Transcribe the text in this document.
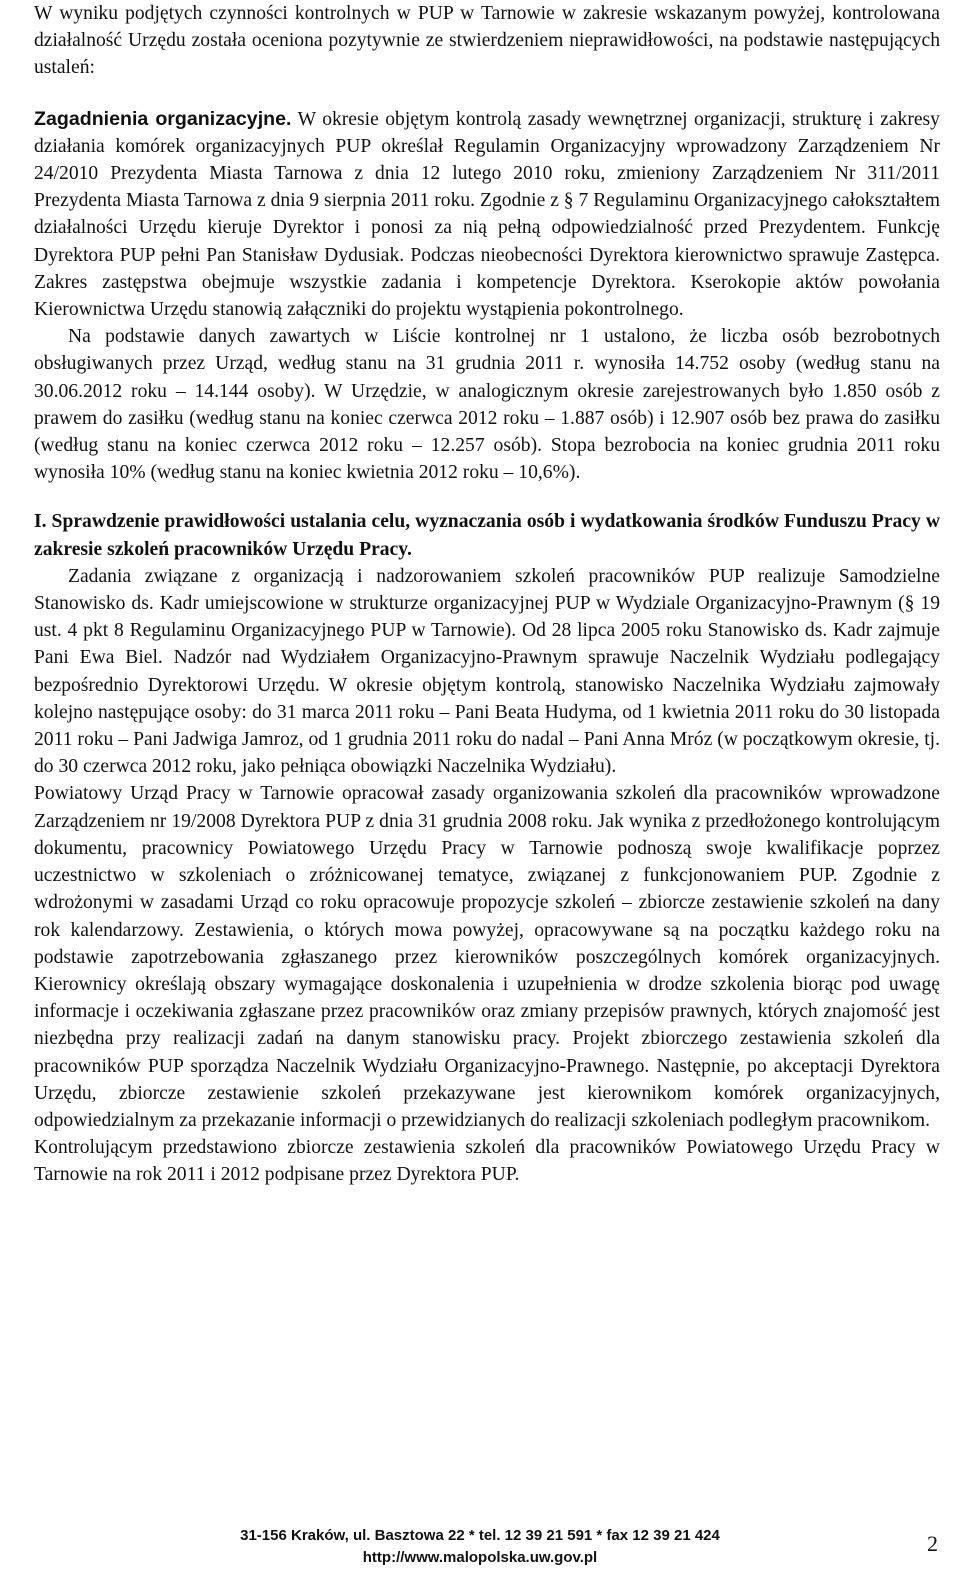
W wyniku podjętych czynności kontrolnych w PUP w Tarnowie w zakresie wskazanym powyżej, kontrolowana działalność Urzędu została oceniona pozytywnie ze stwierdzeniem nieprawidłowości, na podstawie następujących ustaleń:

Zagadnienia organizacyjne. W okresie objętym kontrolą zasady wewnętrznej organizacji, strukturę i zakresy działania komórek organizacyjnych PUP określał Regulamin Organizacyjny wprowadzony Zarządzeniem Nr 24/2010 Prezydenta Miasta Tarnowa z dnia 12 lutego 2010 roku, zmieniony Zarządzeniem Nr 311/2011 Prezydenta Miasta Tarnowa z dnia 9 sierpnia 2011 roku. Zgodnie z § 7 Regulaminu Organizacyjnego całokształtem działalności Urzędu kieruje Dyrektor i ponosi za nią pełną odpowiedzialność przed Prezydentem. Funkcję Dyrektora PUP pełni Pan Stanisław Dydusiak. Podczas nieobecności Dyrektora kierownictwo sprawuje Zastępca. Zakres zastępstwa obejmuje wszystkie zadania i kompetencje Dyrektora. Kserokopie aktów powołania Kierownictwa Urzędu stanowią załączniki do projektu wystąpienia pokontrolnego.

Na podstawie danych zawartych w Liście kontrolnej nr 1 ustalono, że liczba osób bezrobotnych obsługiwanych przez Urząd, według stanu na 31 grudnia 2011 r. wynosiła 14.752 osoby (według stanu na 30.06.2012 roku – 14.144 osoby). W Urzędzie, w analogicznym okresie zarejestrowanych było 1.850 osób z prawem do zasiłku (według stanu na koniec czerwca 2012 roku – 1.887 osób) i 12.907 osób bez prawa do zasiłku (według stanu na koniec czerwca 2012 roku – 12.257 osób). Stopa bezrobocia na koniec grudnia 2011 roku wynosiła 10% (według stanu na koniec kwietnia 2012 roku – 10,6%).

I. Sprawdzenie prawidłowości ustalania celu, wyznaczania osób i wydatkowania środków Funduszu Pracy w zakresie szkoleń pracowników Urzędu Pracy.

Zadania związane z organizacją i nadzorowaniem szkoleń pracowników PUP realizuje Samodzielne Stanowisko ds. Kadr umiejscowione w strukturze organizacyjnej PUP w Wydziale Organizacyjno-Prawnym (§ 19 ust. 4 pkt 8 Regulaminu Organizacyjnego PUP w Tarnowie). Od 28 lipca 2005 roku Stanowisko ds. Kadr zajmuje Pani Ewa Biel. Nadzór nad Wydziałem Organizacyjno-Prawnym sprawuje Naczelnik Wydziału podlegający bezpośrednio Dyrektorowi Urzędu. W okresie objętym kontrolą, stanowisko Naczelnika Wydziału zajmowały kolejno następujące osoby: do 31 marca 2011 roku – Pani Beata Hudyma, od 1 kwietnia 2011 roku do 30 listopada 2011 roku – Pani Jadwiga Jamroz, od 1 grudnia 2011 roku do nadal – Pani Anna Mróz (w początkowym okresie, tj. do 30 czerwca 2012 roku, jako pełniąca obowiązki Naczelnika Wydziału).

Powiatowy Urząd Pracy w Tarnowie opracował zasady organizowania szkoleń dla pracowników wprowadzone Zarządzeniem nr 19/2008 Dyrektora PUP z dnia 31 grudnia 2008 roku. Jak wynika z przedłożonego kontrolującym dokumentu, pracownicy Powiatowego Urzędu Pracy w Tarnowie podnoszą swoje kwalifikacje poprzez uczestnictwo w szkoleniach o zróżnicowanej tematyce, związanej z funkcjonowaniem PUP. Zgodnie z wdrożonymi w zasadami Urząd co roku opracowuje propozycje szkoleń – zbiorcze zestawienie szkoleń na dany rok kalendarzowy. Zestawienia, o których mowa powyżej, opracowywane są na początku każdego roku na podstawie zapotrzebowania zgłaszanego przez kierowników poszczególnych komórek organizacyjnych. Kierownicy określają obszary wymagające doskonalenia i uzupełnienia w drodze szkolenia biorąc pod uwagę informacje i oczekiwania zgłaszane przez pracowników oraz zmiany przepisów prawnych, których znajomość jest niezbędna przy realizacji zadań na danym stanowisku pracy. Projekt zbiorczego zestawienia szkoleń dla pracowników PUP sporządza Naczelnik Wydziału Organizacyjno-Prawnego. Następnie, po akceptacji Dyrektora Urzędu, zbiorcze zestawienie szkoleń przekazywane jest kierownikom komórek organizacyjnych, odpowiedzialnym za przekazanie informacji o przewidzianych do realizacji szkoleniach podległym pracownikom.

Kontrolującym przedstawiono zbiorcze zestawienia szkoleń dla pracowników Powiatowego Urzędu Pracy w Tarnowie na rok 2011 i 2012 podpisane przez Dyrektora PUP.

31-156 Kraków, ul. Basztowa 22 * tel. 12 39 21 591 * fax 12 39 21 424
http://www.malopolska.uw.gov.pl
2
